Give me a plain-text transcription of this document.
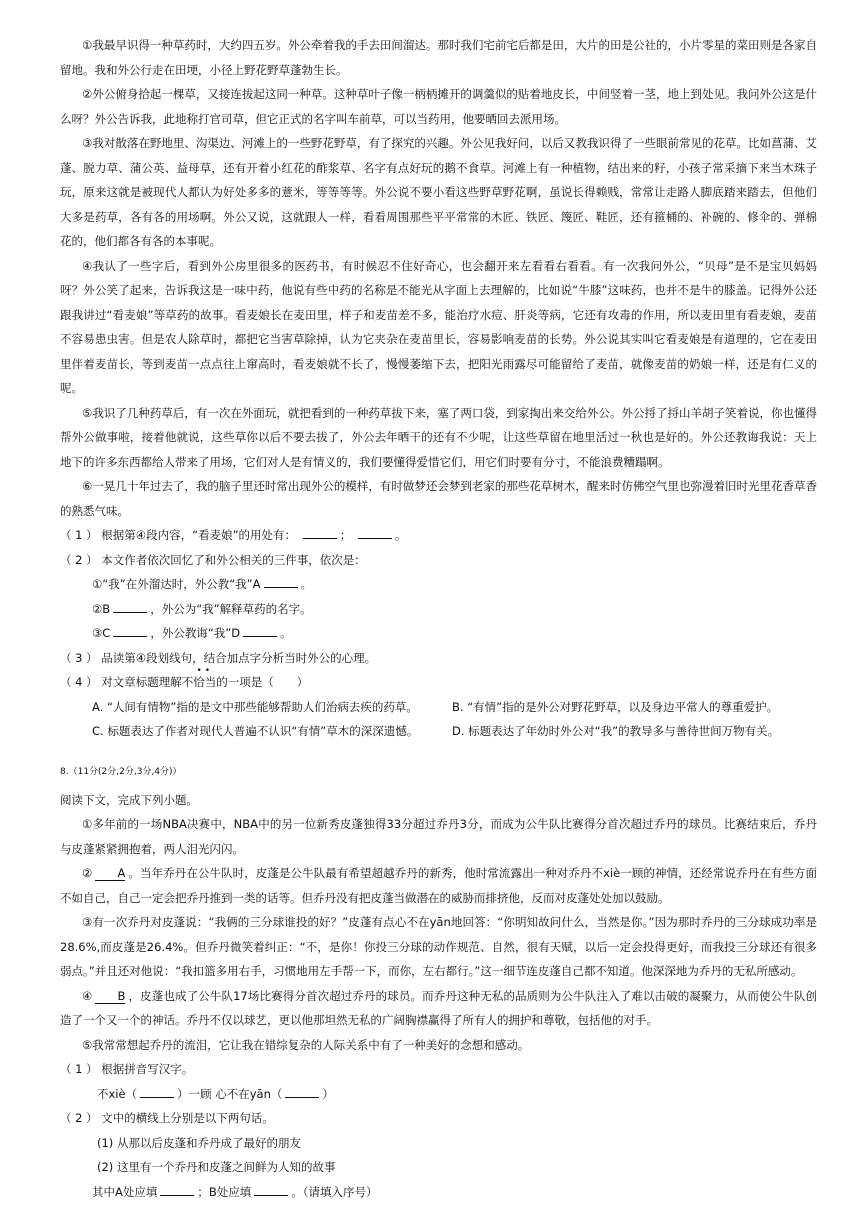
①我最早识得一种草药时，大约四五岁。外公牵着我的手去田间溜达。那时我们宅前宅后都是田，大片的田是公社的，小片零星的菜田则是各家自留地。我和外公行走在田埂，小径上野花野草蓬勃生长。

②外公俯身拾起一棵草，又接连拔起这同一种草。这种草叶子像一柄柄摊开的调羹似的贴着地皮长，中间竖着一茎，地上到处见。我问外公这是什么呀？外公告诉我，此地称打官司草，但它正式的名字叫车前草，可以当药用，他要晒回去派用场。

③我对散落在野地里、沟渠边、河滩上的一些野花野草，有了探究的兴趣。外公见我好问，以后又教我识得了一些眼前常见的花草。比如菖蒲、艾蓬、脱力草、蒲公英、益母草，还有开着小红花的酢浆草、名字有点好玩的鹅不食草。河滩上有一种植物，结出来的籽，小孩子常采摘下来当木珠子玩，原来这就是被现代人都认为好处多多的薏米，等等等等。外公说不要小看这些野草野花啊，虽说长得赖贱，常常让走路人脚底踏来踏去，但他们大多是药草，各有各的用场啊。外公又说，这就跟人一样，看看周围那些平平常常的木匠、铁匠、篾匠、鞋匠，还有箍桶的、补碗的、修伞的、弹棉花的，他们都各有各的本事呢。

④我认了一些字后，看到外公房里很多的医药书，有时候忍不住好奇心，也会翻开来左看看右看看。有一次我问外公，“贝母”是不是宝贝妈妈呀？外公笑了起来，告诉我这是一味中药，他说有些中药的名称是不能光从字面上去理解的，比如说“牛膝”这味药，也并不是牛的膝盖。记得外公还跟我讲过“看麦娘”等草药的故事。看麦娘长在麦田里，样子和麦苗差不多，能治疗水痘、肝炎等病，它还有攻毒的作用，所以麦田里有看麦娘，麦苗不容易患虫害。但是农人除草时，都把它当害草除掉，认为它夹杂在麦苗里长，容易影响麦苗的长势。外公说其实叫它看麦娘是有道理的，它在麦田里伴着麦苗长，等到麦苗一点点往上窜高时，看麦娘就不长了，慢慢萎缩下去，把阳光雨露尽可能留给了麦苗，就像麦苗的奶娘一样，还是有仁义的呢。

⑤我识了几种药草后，有一次在外面玩，就把看到的一种药草拔下来，塞了两口袋，到家掏出来交给外公。外公捋了捋山羊胡子笑着说，你也懂得帮外公做事啦，接着他就说，这些草你以后不要去拔了，外公去年晒干的还有不少呢，让这些草留在地里活过一秋也是好的。外公还教诲我说：天上地下的许多东西都给人带来了用场，它们对人是有情义的，我们要懂得爱惜它们，用它们时要有分寸，不能浪费糟蹋啊。

⑥一晃几十年过去了，我的脑子里还时常出现外公的模样，有时做梦还会梦到老家的那些花草树木，醒来时仿佛空气里也弥漫着旧时光里花香草香的熟悉气味。

（ 1 ） 根据第④段内容，“看麦娘”的用处有：	；	。

（ 2 ） 本文作者依次回忆了和外公相关的三件事，依次是：

①“我”在外溜达时，外公教“我”A	。

②B	，外公为“我”解释草药的名字。

③C	，外公教诲“我”D	。

（ 3 ） 品读第④段划线句，结合加点字分析当时外公的心理。

（ 4 ） 对文章标题理解不
••
恰当的一项是（　　）

A. “人间有情物”指的是文中那些能够帮助人们治病去疾的药草。	B. “有情”指的是外公对野花野草，以及身边平常人的尊重爱护。
C. 标题表达了作者对现代人普遍不认识“有情”草木的深深遗憾。	D. 标题表达了年幼时外公对“我”的教导多与善待世间万物有关。

8.（11分(2分,2分,3分,4分)）

阅读下文，完成下列小题。

①多年前的一场NBA决赛中，NBA中的另一位新秀皮蓬独得33分超过乔丹3分，而成为公牛队比赛得分首次超过乔丹的球员。比赛结束后，乔丹与皮蓬紧紧拥抱着，两人泪光闪闪。

② A 。当年乔丹在公牛队时，皮蓬是公牛队最有希望超越乔丹的新秀，他时常流露出一种对乔丹不xiè一顾的神情，还经常说乔丹在有些方面不如自己，自己一定会把乔丹推到一类的话等。但乔丹没有把皮蓬当做潜在的威胁而排挤他，反而对皮蓬处处加以鼓励。

③有一次乔丹对皮蓬说：“我俩的三分球谁投的好？”皮蓬有点心不在yān地回答：“你明知故问什么，当然是你。”因为那时乔丹的三分球成功率是28.6%,而皮蓬是26.4%。但乔丹微笑着纠正：“不，是你！你投三分球的动作规范、自然，很有天赋，以后一定会投得更好，而我投三分球还有很多弱点。”并且还对他说：“我扣篮多用右手，习惯地用左手帮一下，而你，左右都行。”这一细节连皮蓬自己都不知道。他深深地为乔丹的无私所感动。

④ B ，皮蓬也成了公牛队17场比赛得分首次超过乔丹的球员。而乔丹这种无私的品质则为公牛队注入了难以击破的凝聚力，从而使公牛队创造了一个又一个的神话。乔丹不仅以球艺，更以他那坦然无私的广阔胸襟赢得了所有人的拥护和尊敬，包括他的对手。

⑤我常常想起乔丹的流泪，它让我在错综复杂的人际关系中有了一种美好的念想和感动。

（ 1 ） 根据拼音写汉字。

不xiè（	）一顾 心不在yān（	）

（ 2 ） 文中的横线上分别是以下两句话。

(1) 从那以后皮蓬和乔丹成了最好的朋友

(2) 这里有一个乔丹和皮蓬之间鲜为人知的故事

其中A处应填	；B处应填	。（请填入序号）
